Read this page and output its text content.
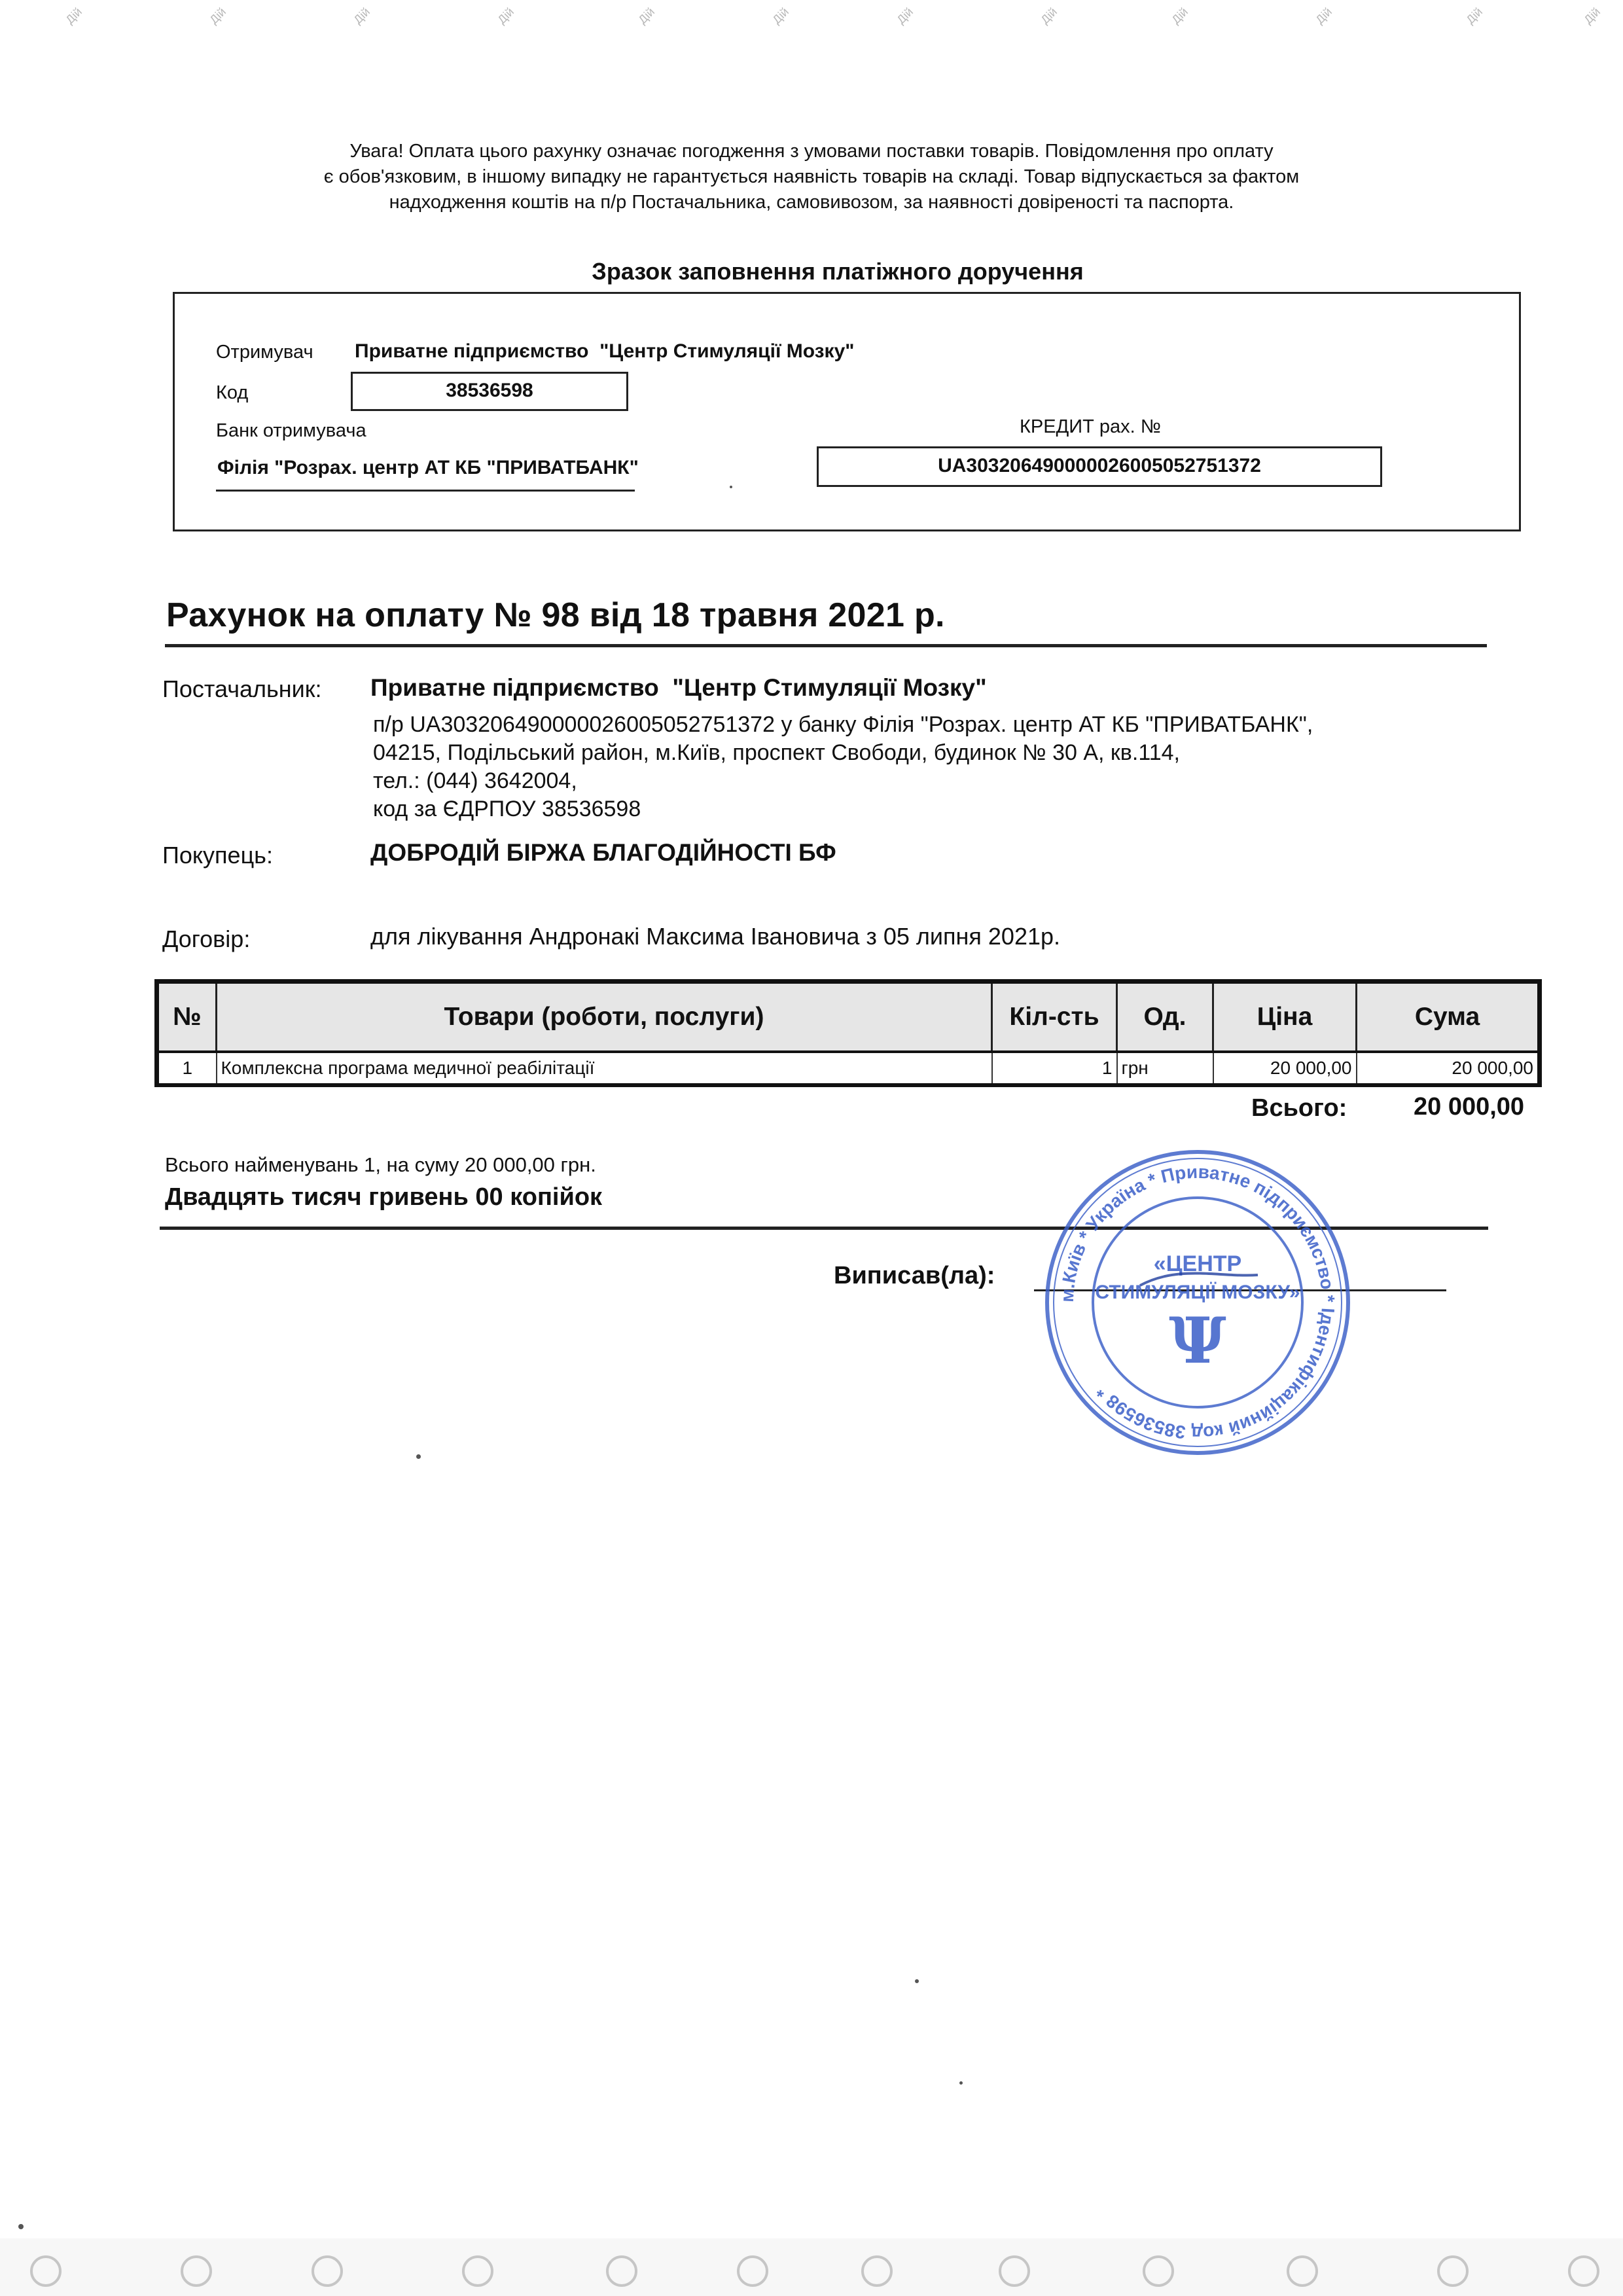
Дій	Дій	Дій	Дій	Дій	Дій	Дій	Дій	Дій	Дій	Дій	Дій
Увага! Оплата цього рахунку означає погодження з умовами поставки товарів. Повідомлення про оплату
є обов'язковим, в іншому випадку не гарантується наявність товарів на складі. Товар відпускається за фактом
надходження коштів на п/р Постачальника, самовивозом, за наявності довіреності та паспорта.
Зразок заповнення платіжного доручення
Отримувач Приватне підприємство  "Центр Стимуляції Мозку"
Код	38536598
Банк отримувача	КРЕДИТ рах. №
Філія "Розрах. центр АТ КБ "ПРИВАТБАНК"	UA303206490000026005052751372
Рахунок на оплату № 98 від 18 травня 2021 р.
Постачальник: Приватне підприємство  "Центр Стимуляції Мозку"
п/р UA303206490000026005052751372 у банку Філія "Розрах. центр АТ КБ "ПРИВАТБАНК",
04215, Подільський район, м.Київ, проспект Свободи, будинок № 30 А, кв.114,
тел.: (044) 3642004,
код за ЄДРПОУ 38536598
Покупець:	ДОБРОДІЙ БІРЖА БЛАГОДІЙНОСТІ БФ
Договір:	для лікування Андронакі Максима Івановича з 05 липня 2021р.
№	Товари (роботи, послуги)	Кіл-сть	Од.	Ціна	Сума
1	Комплексна програма медичної реабілітації	1	грн	20 000,00	20 000,00
Всього:	20 000,00
Всього найменувань 1, на суму 20 000,00 грн.
Двадцять тисяч гривень 00 копійок
Виписав(ла):
м.Київ * Україна * Приватне підприємство * Ідентифікаційний код 38536598 *
«ЦЕНТР
СТИМУЛЯЦІЇ МОЗКУ»
Ψ
